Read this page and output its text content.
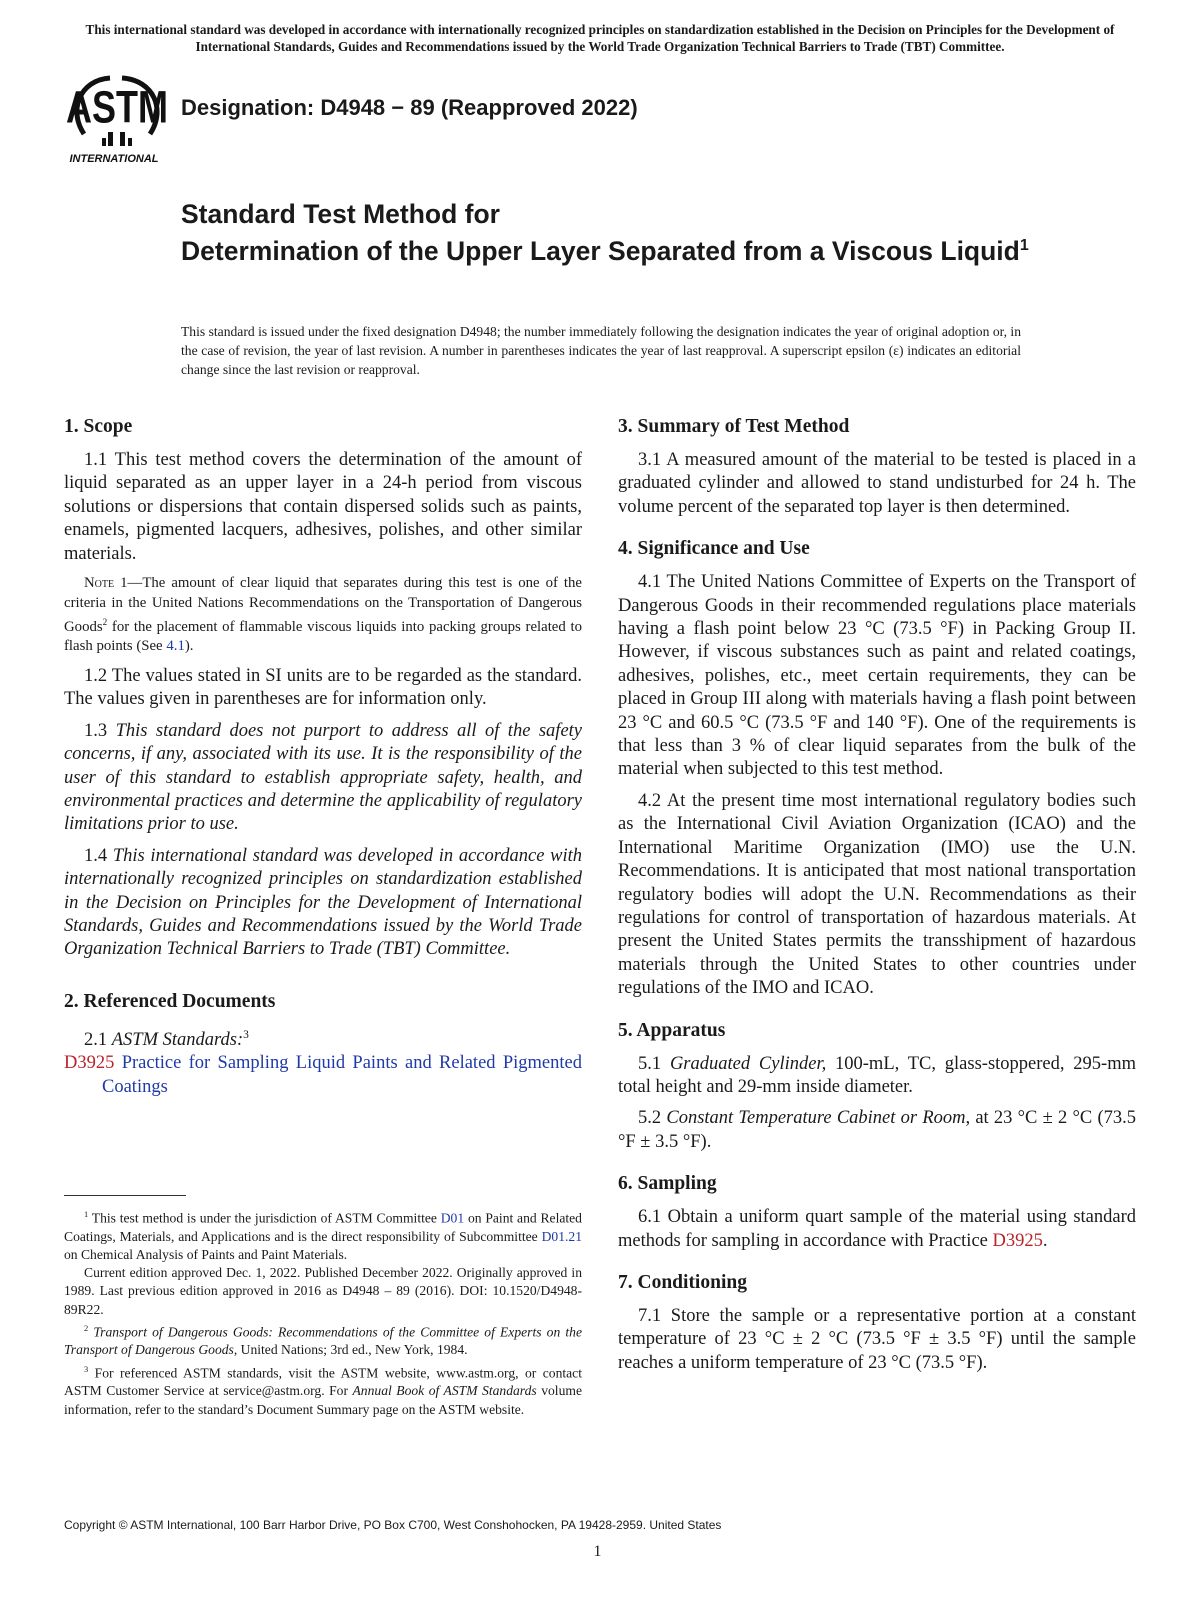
This international standard was developed in accordance with internationally recognized principles on standardization established in the Decision on Principles for the Development of International Standards, Guides and Recommendations issued by the World Trade Organization Technical Barriers to Trade (TBT) Committee.
ASTM
INTERNATIONAL
Designation: D4948 − 89 (Reapproved 2022)
Standard Test Method for
Determination of the Upper Layer Separated from a Viscous Liquid$^1$
This standard is issued under the fixed designation D4948; the number immediately following the designation indicates the year of original adoption or, in the case of revision, the year of last revision. A number in parentheses indicates the year of last reapproval. A superscript epsilon (ε) indicates an editorial change since the last revision or reapproval.
1. Scope

1.1 This test method covers the determination of the amount of liquid separated as an upper layer in a 24-h period from viscous solutions or dispersions that contain dispersed solids such as paints, enamels, pigmented lacquers, adhesives, polishes, and other similar materials.

Note 1—The amount of clear liquid that separates during this test is one of the criteria in the United Nations Recommendations on the Transportation of Dangerous Goods$^2$ for the placement of flammable viscous liquids into packing groups related to flash points (See 4.1).

1.2 The values stated in SI units are to be regarded as the standard. The values given in parentheses are for information only.

1.3 This standard does not purport to address all of the safety concerns, if any, associated with its use. It is the responsibility of the user of this standard to establish appropriate safety, health, and environmental practices and determine the applicability of regulatory limitations prior to use.

1.4 This international standard was developed in accordance with internationally recognized principles on standardization established in the Decision on Principles for the Development of International Standards, Guides and Recommendations issued by the World Trade Organization Technical Barriers to Trade (TBT) Committee.

2. Referenced Documents

2.1 ASTM Standards:$^3$

D3925 Practice for Sampling Liquid Paints and Related Pigmented Coatings
3. Summary of Test Method

3.1 A measured amount of the material to be tested is placed in a graduated cylinder and allowed to stand undisturbed for 24 h. The volume percent of the separated top layer is then determined.

4. Significance and Use

4.1 The United Nations Committee of Experts on the Transport of Dangerous Goods in their recommended regulations place materials having a flash point below 23 °C (73.5 °F) in Packing Group II. However, if viscous substances such as paint and related coatings, adhesives, polishes, etc., meet certain requirements, they can be placed in Group III along with materials having a flash point between 23 °C and 60.5 °C (73.5 °F and 140 °F). One of the requirements is that less than 3 % of clear liquid separates from the bulk of the material when subjected to this test method.

4.2 At the present time most international regulatory bodies such as the International Civil Aviation Organization (ICAO) and the International Maritime Organization (IMO) use the U.N. Recommendations. It is anticipated that most national transportation regulatory bodies will adopt the U.N. Recommendations as their regulations for control of transportation of hazardous materials. At present the United States permits the transshipment of hazardous materials through the United States to other countries under regulations of the IMO and ICAO.

5. Apparatus

5.1 Graduated Cylinder, 100-mL, TC, glass-stoppered, 295-mm total height and 29-mm inside diameter.

5.2 Constant Temperature Cabinet or Room, at 23 °C ± 2 °C (73.5 °F ± 3.5 °F).

6. Sampling

6.1 Obtain a uniform quart sample of the material using standard methods for sampling in accordance with Practice D3925.

7. Conditioning

7.1 Store the sample or a representative portion at a constant temperature of 23 °C ± 2 °C (73.5 °F ± 3.5 °F) until the sample reaches a uniform temperature of 23 °C (73.5 °F).

$^1$ This test method is under the jurisdiction of ASTM Committee D01 on Paint and Related Coatings, Materials, and Applications and is the direct responsibility of Subcommittee D01.21 on Chemical Analysis of Paints and Paint Materials.

Current edition approved Dec. 1, 2022. Published December 2022. Originally approved in 1989. Last previous edition approved in 2016 as D4948 – 89 (2016). DOI: 10.1520/D4948-89R22.

$^2$ Transport of Dangerous Goods: Recommendations of the Committee of Experts on the Transport of Dangerous Goods, United Nations; 3rd ed., New York, 1984.

$^3$ For referenced ASTM standards, visit the ASTM website, www.astm.org, or contact ASTM Customer Service at service@astm.org. For Annual Book of ASTM Standards volume information, refer to the standard’s Document Summary page on the ASTM website.

Copyright © ASTM International, 100 Barr Harbor Drive, PO Box C700, West Conshohocken, PA 19428-2959. United States
1
